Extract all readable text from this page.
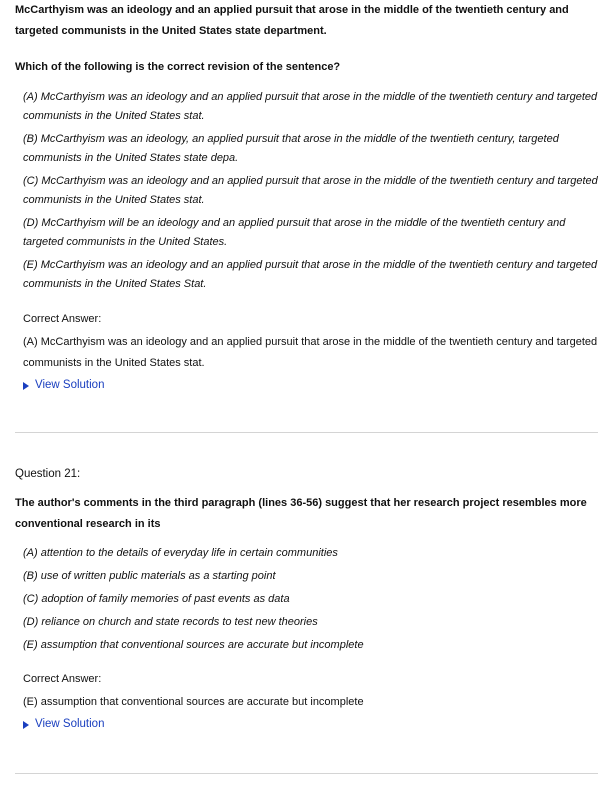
McCarthyism was an ideology and an applied pursuit that arose in the middle of the twentieth century and targeted communists in the United States state department.

Which of the following is the correct revision of the sentence?

(A) McCarthyism was an ideology and an applied pursuit that arose in the middle of the twentieth century and targeted communists in the United States stat.
(B) McCarthyism was an ideology, an applied pursuit that arose in the middle of the twentieth century, targeted communists in the United States state depa.
(C) McCarthyism was an ideology and an applied pursuit that arose in the middle of the twentieth century and targeted communists in the United States stat.
(D) McCarthyism will be an ideology and an applied pursuit that arose in the middle of the twentieth century and targeted communists in the United States.
(E) McCarthyism was an ideology and an applied pursuit that arose in the middle of the twentieth century and targeted communists in the United States Stat.
Correct Answer:
(A) McCarthyism was an ideology and an applied pursuit that arose in the middle of the twentieth century and targeted communists in the United States stat.
View Solution
Question 21:

The author's comments in the third paragraph (lines 36-56) suggest that her research project resembles more conventional research in its

(A) attention to the details of everyday life in certain communities
(B) use of written public materials as a starting point
(C) adoption of family memories of past events as data
(D) reliance on church and state records to test new theories
(E) assumption that conventional sources are accurate but incomplete
Correct Answer:
(E) assumption that conventional sources are accurate but incomplete
View Solution
